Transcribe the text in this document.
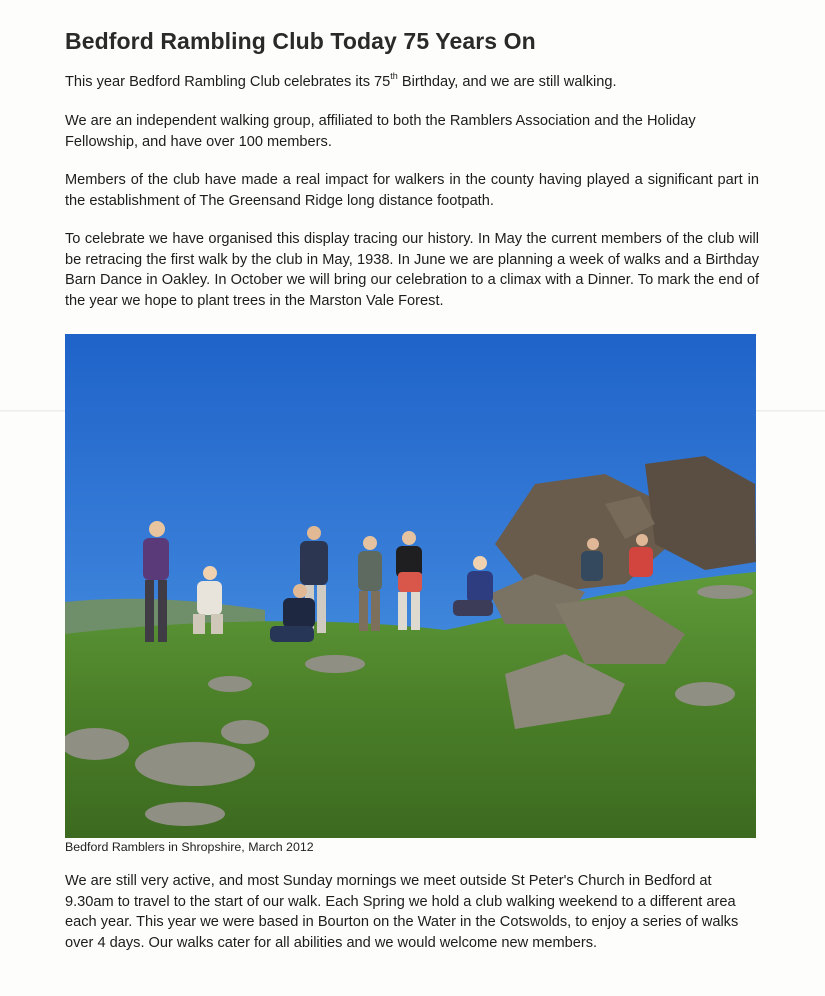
Bedford Rambling Club Today 75 Years On

This year Bedford Rambling Club celebrates its 75th Birthday, and we are still walking.

We are an independent walking group, affiliated to both the Ramblers Association and the Holiday Fellowship, and have over 100 members.

Members of the club have made a real impact for walkers in the county having played a significant part in the establishment of The Greensand Ridge long distance footpath.

To celebrate we have organised this display tracing our history. In May the current members of the club will be retracing the first walk by the club in May, 1938. In June we are planning a week of walks and a Birthday Barn Dance in Oakley. In October we will bring our celebration to a climax with a Dinner. To mark the end of the year we hope to plant trees in the Marston Vale Forest.

Bedford Ramblers in Shropshire, March 2012

We are still very active, and most Sunday mornings we meet outside St Peter's Church in Bedford at 9.30am to travel to the start of our walk. Each Spring we hold a club walking weekend to a different area each year. This year we were based in Bourton on the Water in the Cotswolds, to enjoy a series of walks over 4 days. Our walks cater for all abilities and we would welcome new members.
